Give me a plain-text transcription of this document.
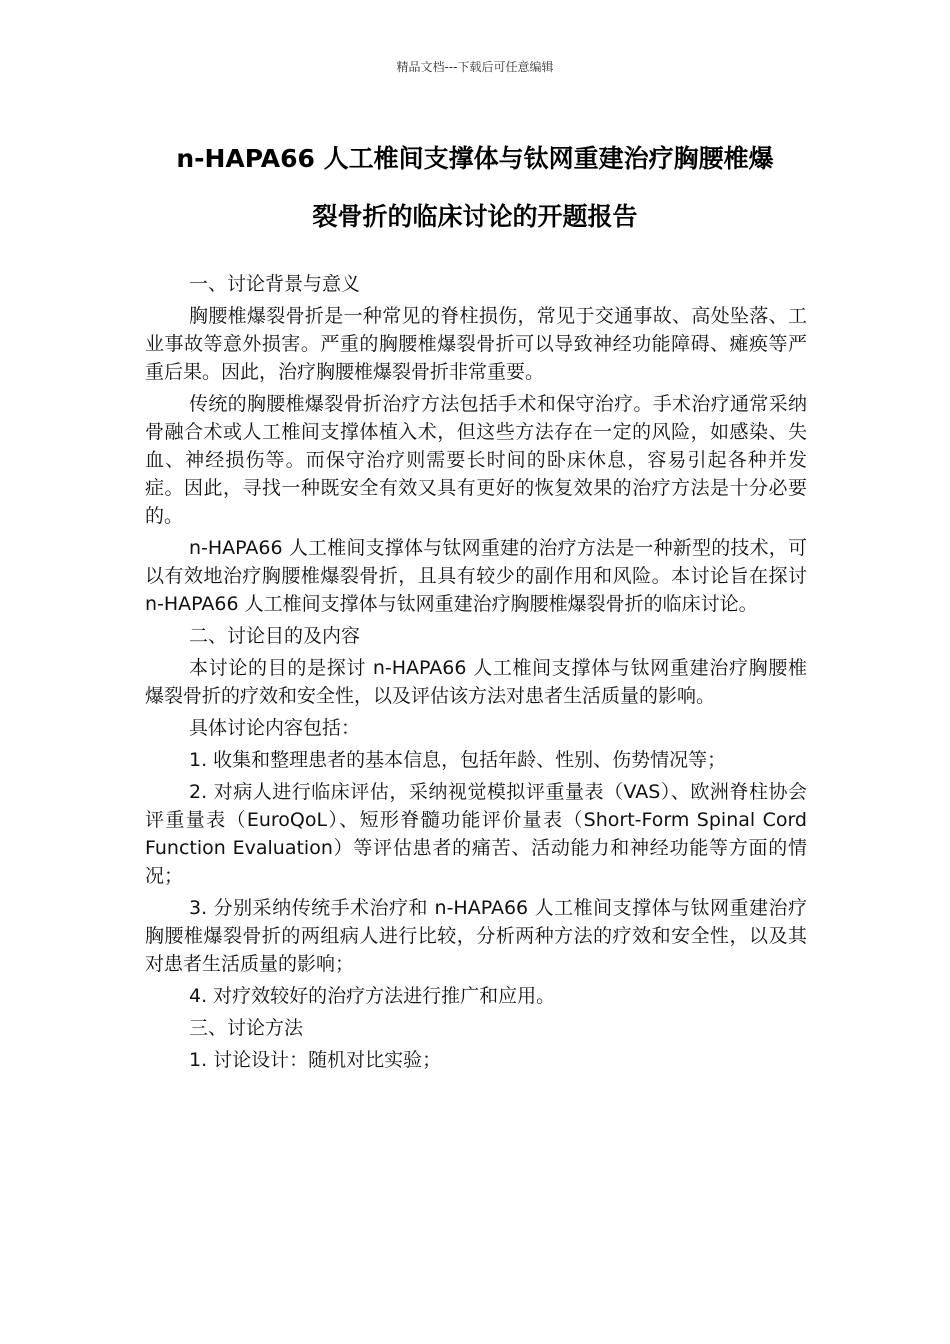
精品文档---下载后可任意编辑
n-HAPA66 人工椎间支撑体与钛网重建治疗胸腰椎爆
裂骨折的临床讨论的开题报告

一、讨论背景与意义

胸腰椎爆裂骨折是一种常见的脊柱损伤，常见于交通事故、高处坠落、工业事故等意外损害。严重的胸腰椎爆裂骨折可以导致神经功能障碍、瘫痪等严重后果。因此，治疗胸腰椎爆裂骨折非常重要。

传统的胸腰椎爆裂骨折治疗方法包括手术和保守治疗。手术治疗通常采纳骨融合术或人工椎间支撑体植入术，但这些方法存在一定的风险，如感染、失血、神经损伤等。而保守治疗则需要长时间的卧床休息，容易引起各种并发症。因此，寻找一种既安全有效又具有更好的恢复效果的治疗方法是十分必要的。

n-HAPA66 人工椎间支撑体与钛网重建的治疗方法是一种新型的技术，可以有效地治疗胸腰椎爆裂骨折，且具有较少的副作用和风险。本讨论旨在探讨 n-HAPA66 人工椎间支撑体与钛网重建治疗胸腰椎爆裂骨折的临床讨论。

二、讨论目的及内容

本讨论的目的是探讨 n-HAPA66 人工椎间支撑体与钛网重建治疗胸腰椎爆裂骨折的疗效和安全性，以及评估该方法对患者生活质量的影响。

具体讨论内容包括：

1. 收集和整理患者的基本信息，包括年龄、性别、伤势情况等；

2. 对病人进行临床评估，采纳视觉模拟评重量表（VAS）、欧洲脊柱协会评重量表（EuroQoL）、短形脊髓功能评价量表（Short-Form Spinal Cord Function Evaluation）等评估患者的痛苦、活动能力和神经功能等方面的情况；

3. 分别采纳传统手术治疗和 n-HAPA66 人工椎间支撑体与钛网重建治疗胸腰椎爆裂骨折的两组病人进行比较，分析两种方法的疗效和安全性，以及其对患者生活质量的影响；

4. 对疗效较好的治疗方法进行推广和应用。

三、讨论方法

1. 讨论设计：随机对比实验；
